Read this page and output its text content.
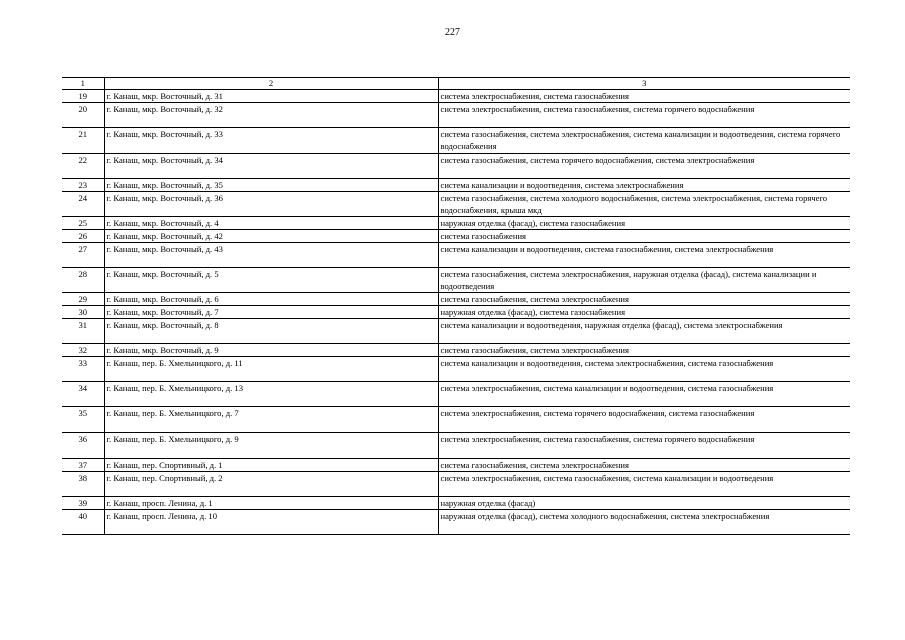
227
1	2	3
19	г. Канаш, мкр. Восточный, д. 31	система электроснабжения, система газоснабжения
20	г. Канаш, мкр. Восточный, д. 32	система электроснабжения, система газоснабжения, система горячего водоснабжения
21	г. Канаш, мкр. Восточный, д. 33	система газоснабжения, система электроснабжения, система канализации и водоотведения, система горячего водоснабжения
22	г. Канаш, мкр. Восточный, д. 34	система газоснабжения, система горячего водоснабжения, система электроснабжения
23	г. Канаш, мкр. Восточный, д. 35	система канализации и водоотведения, система электроснабжения
24	г. Канаш, мкр. Восточный, д. 36	система газоснабжения, система холодного водоснабжения, система электроснабжения, система горячего водоснабжения, крыша мкд
25	г. Канаш, мкр. Восточный, д. 4	наружная отделка (фасад), система газоснабжения
26	г. Канаш, мкр. Восточный, д. 42	система газоснабжения
27	г. Канаш, мкр. Восточный, д. 43	система канализации и водоотведения, система газоснабжения, система электроснабжения
28	г. Канаш, мкр. Восточный, д. 5	система газоснабжения, система электроснабжения, наружная отделка (фасад), система канализации и водоотведения
29	г. Канаш, мкр. Восточный, д. 6	система газоснабжения, система электроснабжения
30	г. Канаш, мкр. Восточный, д. 7	наружная отделка (фасад), система газоснабжения
31	г. Канаш, мкр. Восточный, д. 8	система канализации и водоотведения, наружная отделка (фасад), система электроснабжения
32	г. Канаш, мкр. Восточный, д. 9	система газоснабжения, система электроснабжения
33	г. Канаш, пер. Б. Хмельницкого, д. 11	система канализации и водоотведения, система электроснабжения, система газоснабжения
34	г. Канаш, пер. Б. Хмельницкого, д. 13	система электроснабжения, система канализации и водоотведения, система газоснабжения
35	г. Канаш, пер. Б. Хмельницкого, д. 7	система электроснабжения, система горячего водоснабжения, система газоснабжения
36	г. Канаш, пер. Б. Хмельницкого, д. 9	система электроснабжения, система газоснабжения, система горячего водоснабжения
37	г. Канаш, пер. Спортивный, д. 1	система газоснабжения, система электроснабжения
38	г. Канаш, пер. Спортивный, д. 2	система электроснабжения, система газоснабжения, система канализации и водоотведения
39	г. Канаш, просп. Ленина, д. 1	наружная отделка (фасад)
40	г. Канаш, просп. Ленина, д. 10	наружная отделка (фасад), система холодного водоснабжения, система электроснабжения
